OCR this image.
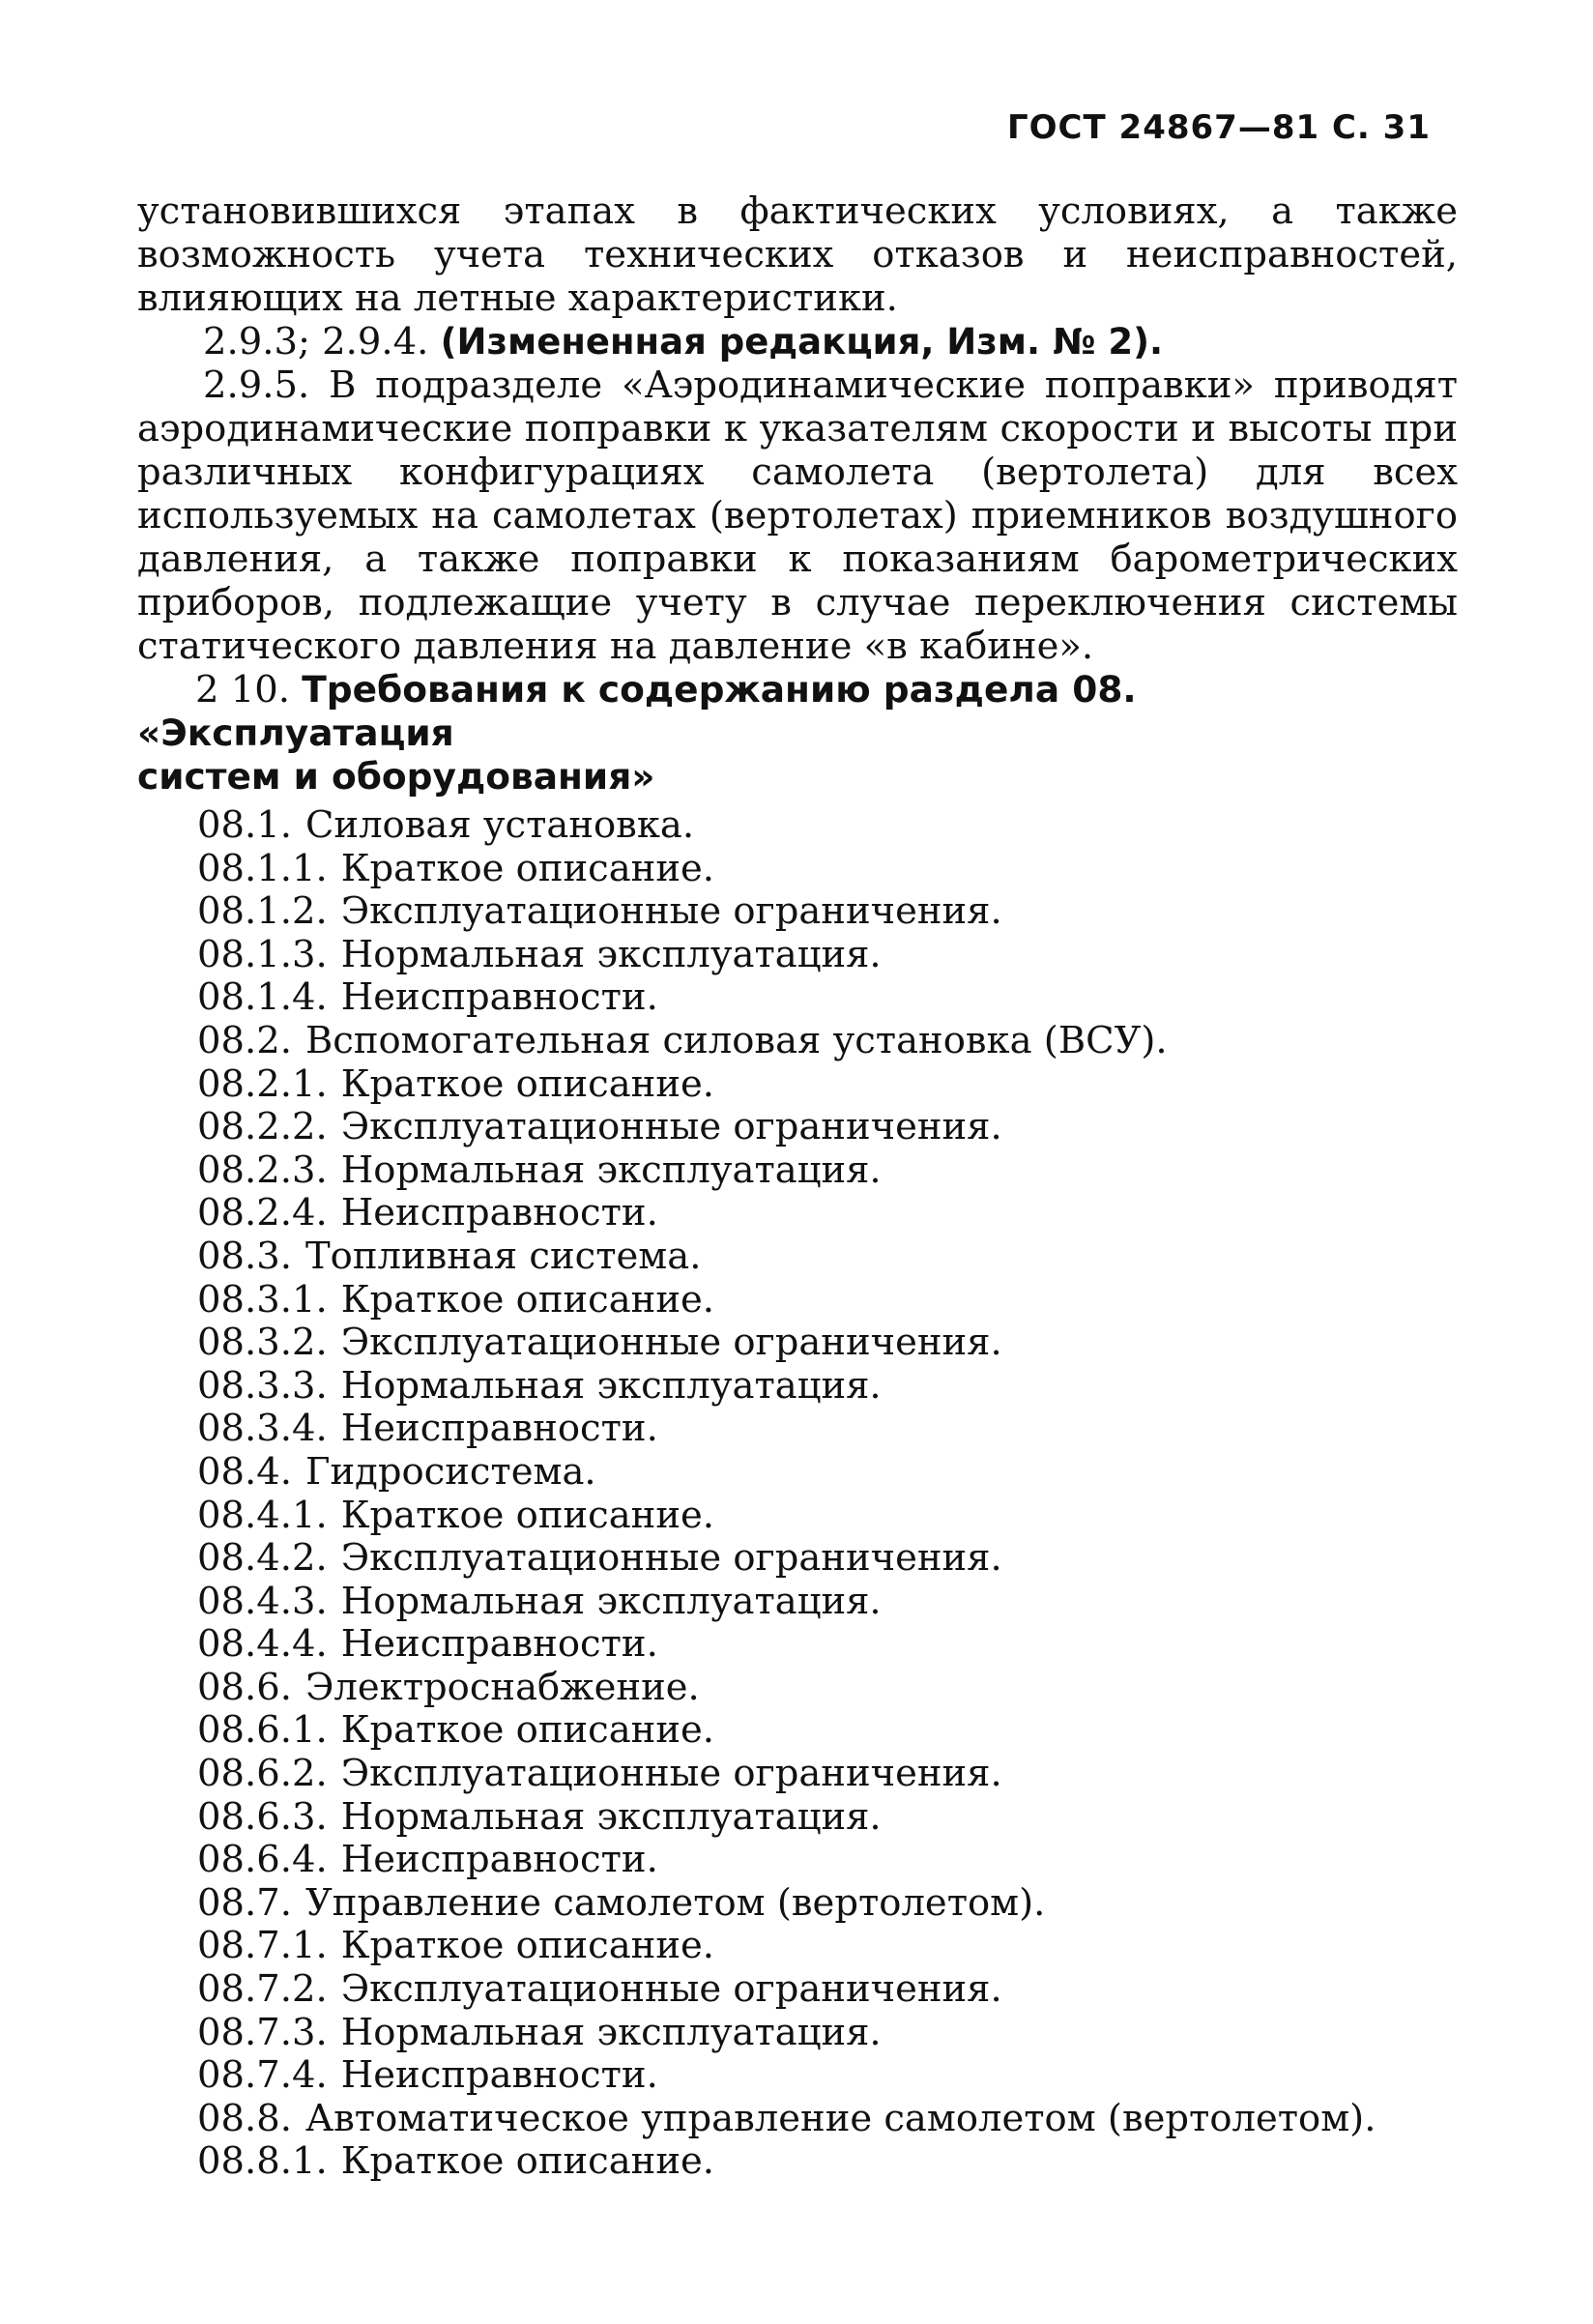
ГОСТ 24867—81 С. 31

установившихся этапах в фактических условиях, а также возможность учета технических отказов и неисправностей, влияющих на летные характеристики.

2.9.3; 2.9.4. (Измененная редакция, Изм. № 2).

2.9.5. В подразделе «Аэродинамические поправки» приводят аэродинамические поправки к указателям скорости и высоты при различных конфигурациях самолета (вертолета) для всех используемых на самолетах (вертолетах) приемников воздушного давления, а также поправки к показаниям барометрических приборов, подлежащие учету в случае переключения системы статического давления на давление «в кабине».

2 10. Требования к содержанию раздела 08. «Эксплуатация

систем и оборудования»

08.1. Силовая установка.
08.1.1. Краткое описание.
08.1.2. Эксплуатационные ограничения.
08.1.3. Нормальная эксплуатация.
08.1.4. Неисправности.
08.2. Вспомогательная силовая установка (ВСУ).
08.2.1. Краткое описание.
08.2.2. Эксплуатационные ограничения.
08.2.3. Нормальная эксплуатация.
08.2.4. Неисправности.
08.3. Топливная система.
08.3.1. Краткое описание.
08.3.2. Эксплуатационные ограничения.
08.3.3. Нормальная эксплуатация.
08.3.4. Неисправности.
08.4. Гидросистема.
08.4.1. Краткое описание.
08.4.2. Эксплуатационные ограничения.
08.4.3. Нормальная эксплуатация.
08.4.4. Неисправности.
08.6. Электроснабжение.
08.6.1. Краткое описание.
08.6.2. Эксплуатационные ограничения.
08.6.3. Нормальная эксплуатация.
08.6.4. Неисправности.
08.7. Управление самолетом (вертолетом).
08.7.1. Краткое описание.
08.7.2. Эксплуатационные ограничения.
08.7.3. Нормальная эксплуатация.
08.7.4. Неисправности.
08.8. Автоматическое управление самолетом (вертолетом).
08.8.1. Краткое описание.
